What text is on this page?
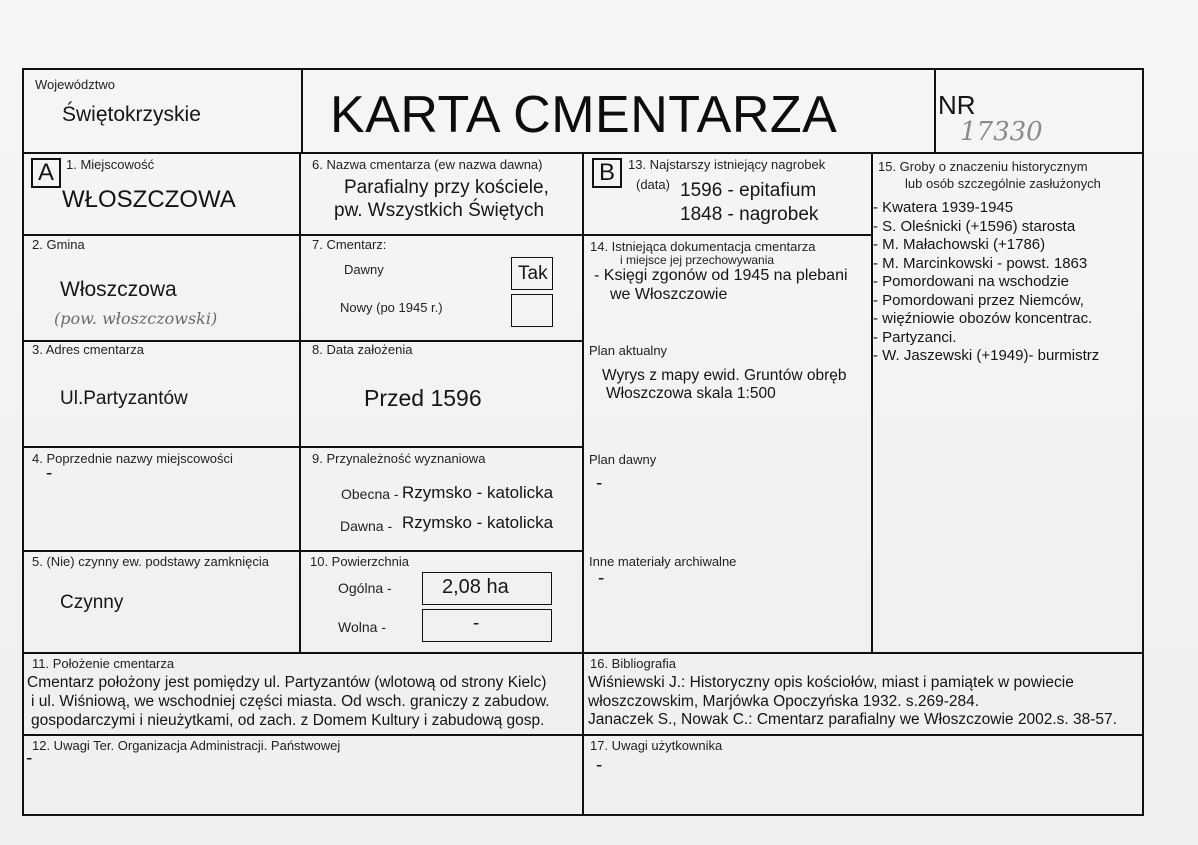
Województwo
Świętokrzyskie KARTA CMENTARZA	NR
17330
A 1. Miejscowość
WŁOSZCZOWA
6. Nazwa cmentarza (ew nazwa dawna)
Parafialny przy kościele,
pw. Wszystkich Świętych
B	13. Najstarszy istniejący nagrobek
(data) 1596 - epitafium
1848 - nagrobek
15. Groby o znaczeniu historycznym
lub osób szczególnie zasłużonych
- Kwatera 1939-1945
- S. Oleśnicki (+1596) starosta
- M. Małachowski (+1786)
- M. Marcinkowski - powst. 1863
- Pomordowani na wschodzie
- Pomordowani przez Niemców,
- więźniowie obozów koncentrac.
- Partyzanci.
- W. Jaszewski (+1949)- burmistrz
2. Gmina
Włoszczowa
(pow. włoszczowski)
7. Cmentarz:
Dawny	Tak
Nowy (po 1945 r.)
14. Istniejąca dokumentacja cmentarza
i miejsce jej przechowywania
- Księgi zgonów od 1945 na plebani
we Włoszczowie
3. Adres cmentarza
Ul.Partyzantów
8. Data założenia
Przed 1596
Plan aktualny
Wyrys z mapy ewid. Gruntów obręb
Włoszczowa skala 1:500
4. Poprzednie nazwy miejscowości
-
9. Przynależność wyznaniowa
Obecna - Rzymsko - katolicka
Dawna - Rzymsko - katolicka
Plan dawny
-
5. (Nie) czynny ew. podstawy zamknięcia
Czynny
10. Powierzchnia
Ogólna -	2,08 ha
Wolna -	-
Inne materiały archiwalne
-
11. Położenie cmentarza
Cmentarz położony jest pomiędzy ul. Partyzantów (wlotową od strony Kielc)
i ul. Wiśniową, we wschodniej części miasta. Od wsch. graniczy z zabudow.
gospodarczymi i nieużytkami, od zach. z Domem Kultury i zabudową gosp.
16. Bibliografia
Wiśniewski J.: Historyczny opis kościołów, miast i pamiątek w powiecie
włoszczowskim, Marjówka Opoczyńska 1932. s.269-284.
Janaczek S., Nowak C.: Cmentarz parafialny we Włoszczowie 2002.s. 38-57.
12. Uwagi Ter. Organizacja Administracji. Państwowej
-
17. Uwagi użytkownika
-
